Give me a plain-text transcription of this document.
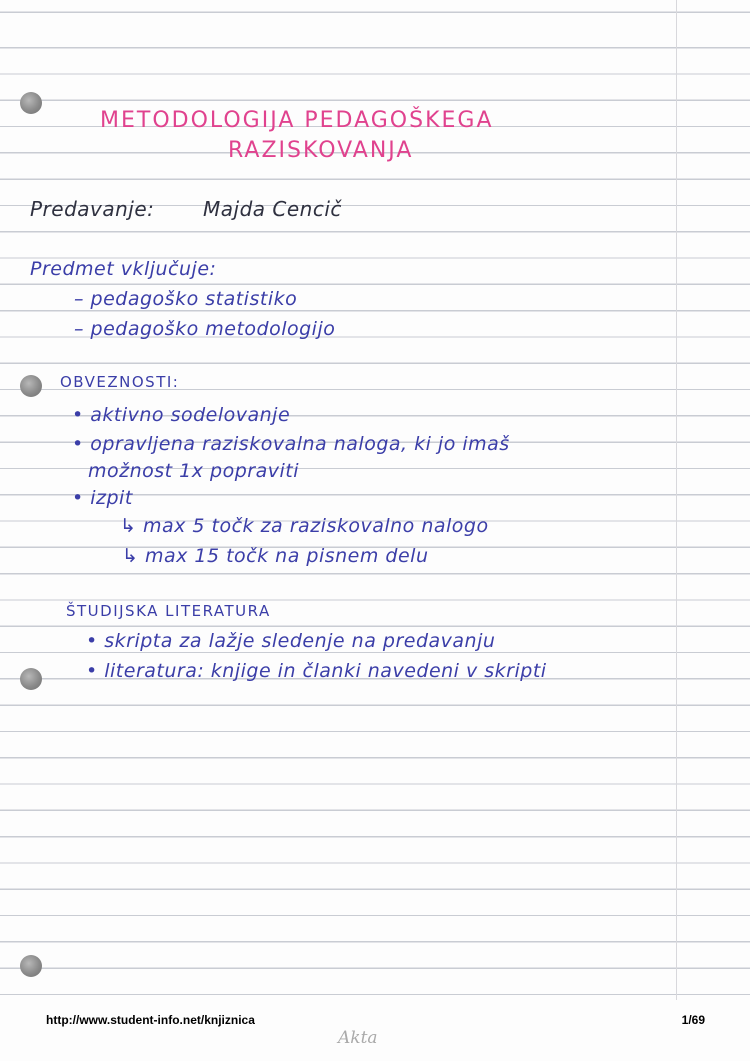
METODOLOGIJA PEDAGOŠKEGA
RAZISKOVANJA
Predavanje: Majda Cencič
Predmet vključuje:
– pedagoško statistiko
– pedagoško metodologijo
OBVEZNOSTI:
• aktivno sodelovanje
• opravljena raziskovalna naloga, ki jo imaš
možnost 1x popraviti
• izpit
↳ max 5 točk za raziskovalno nalogo
↳ max 15 točk na pisnem delu
ŠTUDIJSKA LITERATURA
• skripta za lažje sledenje na predavanju
• literatura: knjige in članki navedeni v skripti
http://www.student-info.net/knjiznica	1/69
Akta
